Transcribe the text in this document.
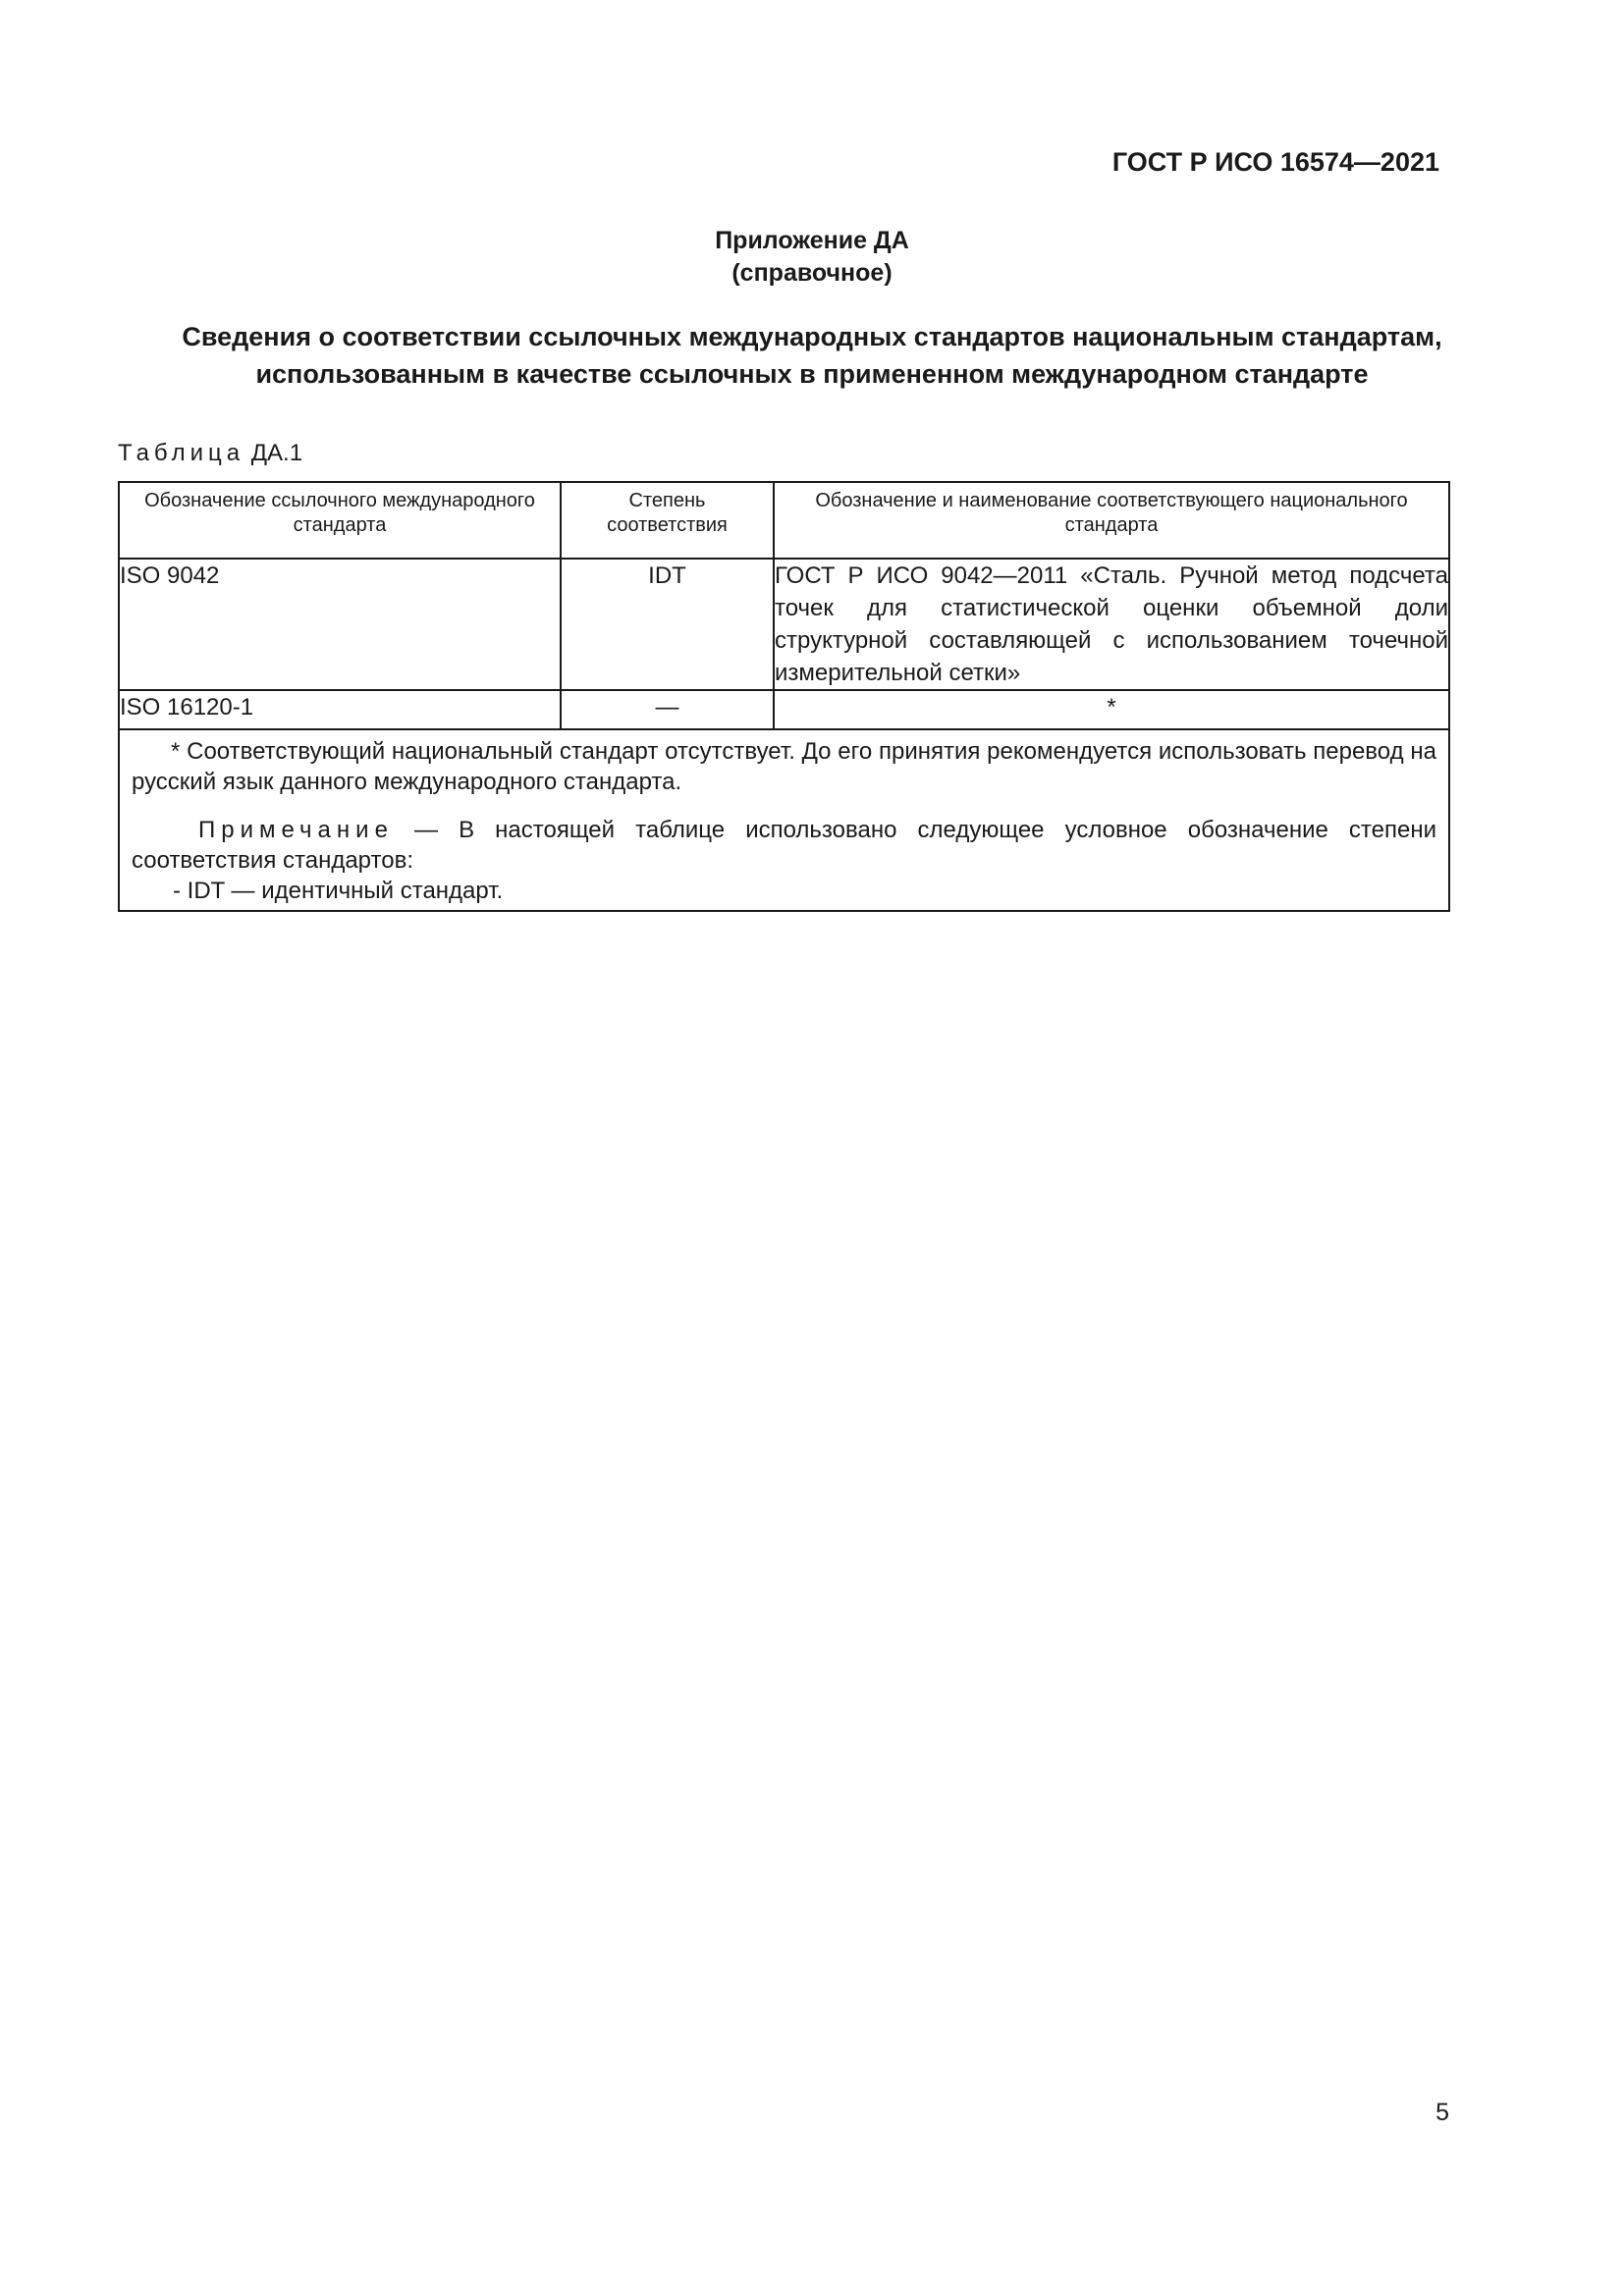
ГОСТ Р ИСО 16574—2021
Приложение ДА
(справочное)
Сведения о соответствии ссылочных международных стандартов национальным стандартам,
использованным в качестве ссылочных в примененном международном стандарте
Таблица ДА.1
Обозначение ссылочного международного стандарта	Степень соответствия	Обозначение и наименование соответствующего национального стандарта
ISO 9042	IDT	ГОСТ Р ИСО 9042—2011 «Сталь. Ручной метод подсчета точек для статистической оценки объемной доли структурной составляющей с использованием точечной измерительной сетки»
ISO 16120-1	—	*

* Соответствующий национальный стандарт отсутствует. До его принятия рекомендуется использовать перевод на русский язык данного международного стандарта.
Примечание — В настоящей таблице использовано следующее условное обозначение степени соответствия стандартов:
- IDT — идентичный стандарт.		
5
